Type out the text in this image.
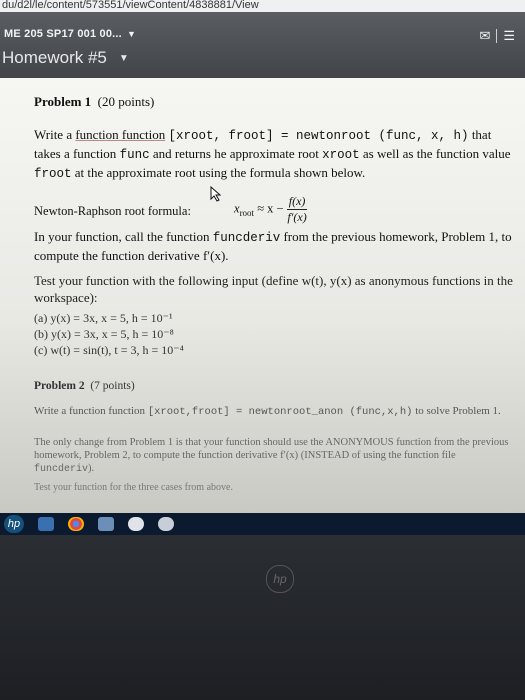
du/d2l/le/content/573551/viewContent/4838881/View
ME 205 SP17 001 00... ▼
Homework #5 ▼
✉ ☰
Problem 1 (20 points)
Write a function function [xroot, froot] = newtonroot (func, x, h) that takes a function func and returns he approximate root xroot as well as the function value froot at the approximate root using the formula shown below.
Newton-Raphson root formula:	$x_{root} \approx x - \frac{f(x)}{f'(x)}$
In your function, call the function funcderiv from the previous homework, Problem 1, to compute the function derivative f′(x).
Test your function with the following input (define w(t), y(x) as anonymous functions in the workspace):
(a) y(x) = 3x, x = 5, h = 10⁻¹
(b) y(x) = 3x, x = 5, h = 10⁻⁸
(c) w(t) = sin(t), t = 3, h = 10⁻⁴
Problem 2 (7 points)
Write a function function [xroot,froot] = newtonroot_anon (func,x,h) to solve Problem 1.
The only change from Problem 1 is that your function should use the ANONYMOUS function from the previous homework, Problem 2, to compute the function derivative f′(x) (INSTEAD of using the function file funcderiv).
Test your function for the three cases from above.
hp
hp
